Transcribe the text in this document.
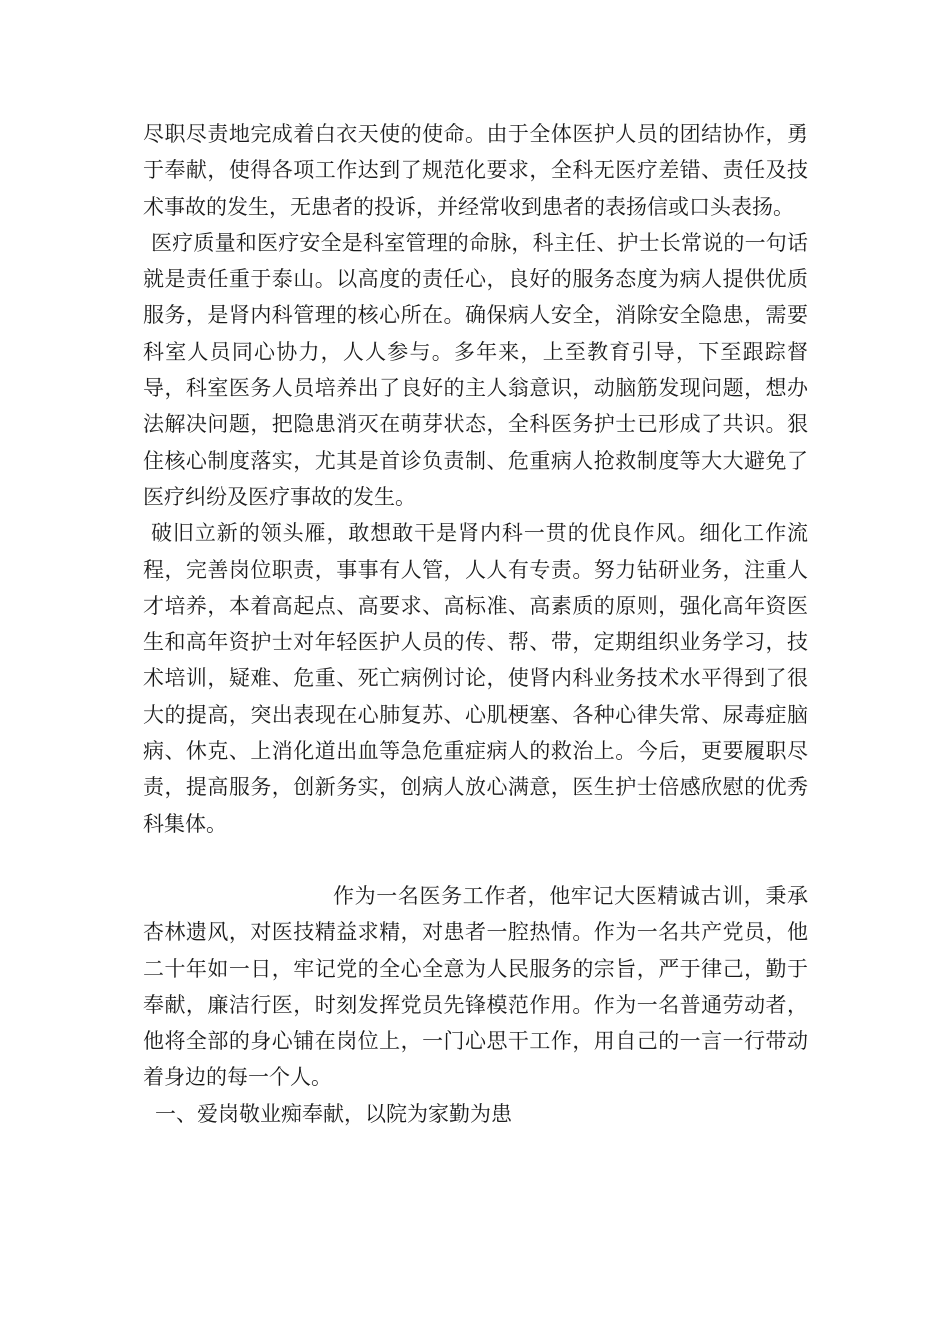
尽职尽责地完成着白衣天使的使命。由于全体医护人员的团结协作，勇于奉献，使得各项工作达到了规范化要求，全科无医疗差错、责任及技术事故的发生，无患者的投诉，并经常收到患者的表扬信或口头表扬。

医疗质量和医疗安全是科室管理的命脉，科主任、护士长常说的一句话就是责任重于泰山。以高度的责任心，良好的服务态度为病人提供优质服务，是肾内科管理的核心所在。确保病人安全，消除安全隐患，需要科室人员同心协力，人人参与。多年来，上至教育引导，下至跟踪督导，科室医务人员培养出了良好的主人翁意识，动脑筋发现问题，想办法解决问题，把隐患消灭在萌芽状态，全科医务护士已形成了共识。狠住核心制度落实，尤其是首诊负责制、危重病人抢救制度等大大避免了医疗纠纷及医疗事故的发生。

破旧立新的领头雁，敢想敢干是肾内科一贯的优良作风。细化工作流程，完善岗位职责，事事有人管，人人有专责。努力钻研业务，注重人才培养，本着高起点、高要求、高标准、高素质的原则，强化高年资医生和高年资护士对年轻医护人员的传、帮、带，定期组织业务学习，技术培训，疑难、危重、死亡病例讨论，使肾内科业务技术水平得到了很大的提高，突出表现在心肺复苏、心肌梗塞、各种心律失常、尿毒症脑病、休克、上消化道出血等急危重症病人的救治上。今后，更要履职尽责，提高服务，创新务实，创病人放心满意，医生护士倍感欣慰的优秀科集体。

作为一名医务工作者，他牢记大医精诚古训，秉承杏林遗风，对医技精益求精，对患者一腔热情。作为一名共产党员，他二十年如一日，牢记党的全心全意为人民服务的宗旨，严于律己，勤于奉献，廉洁行医，时刻发挥党员先锋模范作用。作为一名普通劳动者，他将全部的身心铺在岗位上，一门心思干工作，用自己的一言一行带动着身边的每一个人。

一、爱岗敬业痴奉献，以院为家勤为患
